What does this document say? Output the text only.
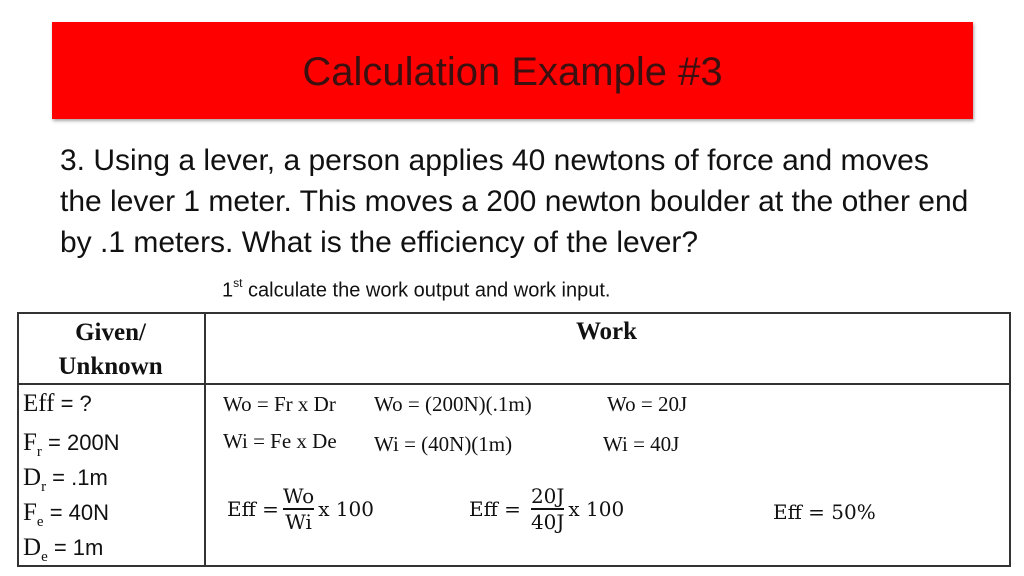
Calculation Example #3

3. Using a lever, a person applies 40 newtons of force and moves the lever 1 meter. This moves a 200 newton boulder at the other end by .1 meters. What is the efficiency of the lever?

1st calculate the work output and work input.
Given/
Unknown
Work
Eff = ?
$F_r = 200N$
$D_r = .1m$
$F_e = 40N$
$D_e = 1m$
Wo = Fr x Dr Wo = (200N)(.1m)	Wo = 20J
Wi = Fe x De Wi = (40N)(1m)	Wi = 40J
Eff = $\frac{Wo}{Wi}$ x 100	Eff = $\frac{20J}{40J}$ x 100	Eff = 50%
